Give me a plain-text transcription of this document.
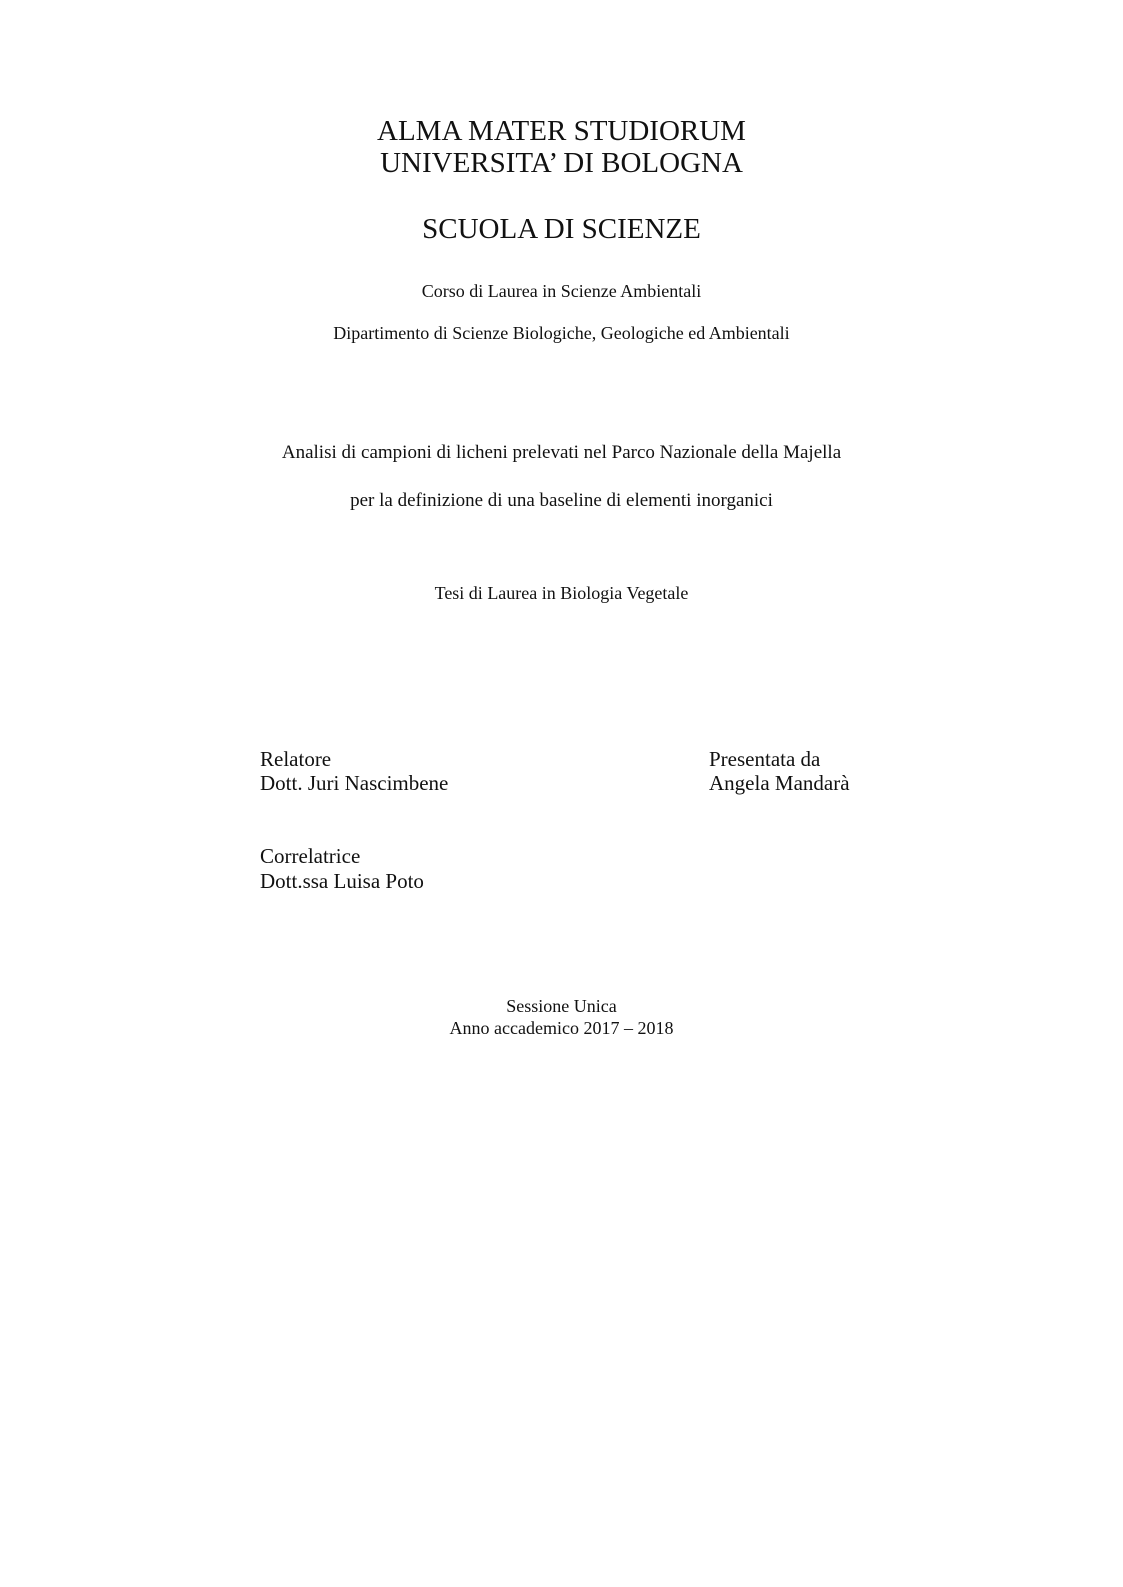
ALMA MATER STUDIORUM
UNIVERSITA’ DI BOLOGNA
SCUOLA DI SCIENZE
Corso di Laurea in Scienze Ambientali
Dipartimento di Scienze Biologiche, Geologiche ed Ambientali
Analisi di campioni di licheni prelevati nel Parco Nazionale della Majella
per la definizione di una baseline di elementi inorganici
Tesi di Laurea in Biologia Vegetale
Relatore
Dott. Juri Nascimbene
Presentata da
Angela Mandarà
Correlatrice
Dott.ssa Luisa Poto
Sessione Unica
Anno accademico 2017 – 2018
